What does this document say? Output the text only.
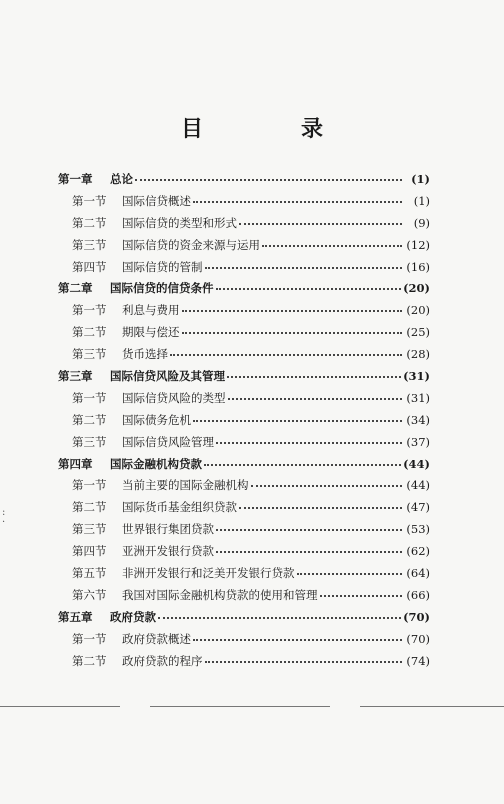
目　录
第一章	总论	(1)
第一节	国际信贷概述	(1)
第二节	国际信贷的类型和形式	(9)
第三节	国际信贷的资金来源与运用	(12)
第四节	国际信贷的管制	(16)
第二章	国际信贷的信贷条件	(20)
第一节	利息与费用	(20)
第二节	期限与偿还	(25)
第三节	货币选择	(28)
第三章	国际信贷风险及其管理	(31)
第一节	国际信贷风险的类型	(31)
第二节	国际债务危机	(34)
第三节	国际信贷风险管理	(37)
第四章	国际金融机构贷款	(44)
第一节	当前主要的国际金融机构	(44)
第二节	国际货币基金组织贷款	(47)
第三节	世界银行集团贷款	(53)
第四节	亚洲开发银行贷款	(62)
第五节	非洲开发银行和泛美开发银行贷款	(64)
第六节	我国对国际金融机构贷款的使用和管理	(66)
第五章	政府贷款	(70)
第一节	政府贷款概述	(70)
第二节	政府贷款的程序	(74)
:
·
